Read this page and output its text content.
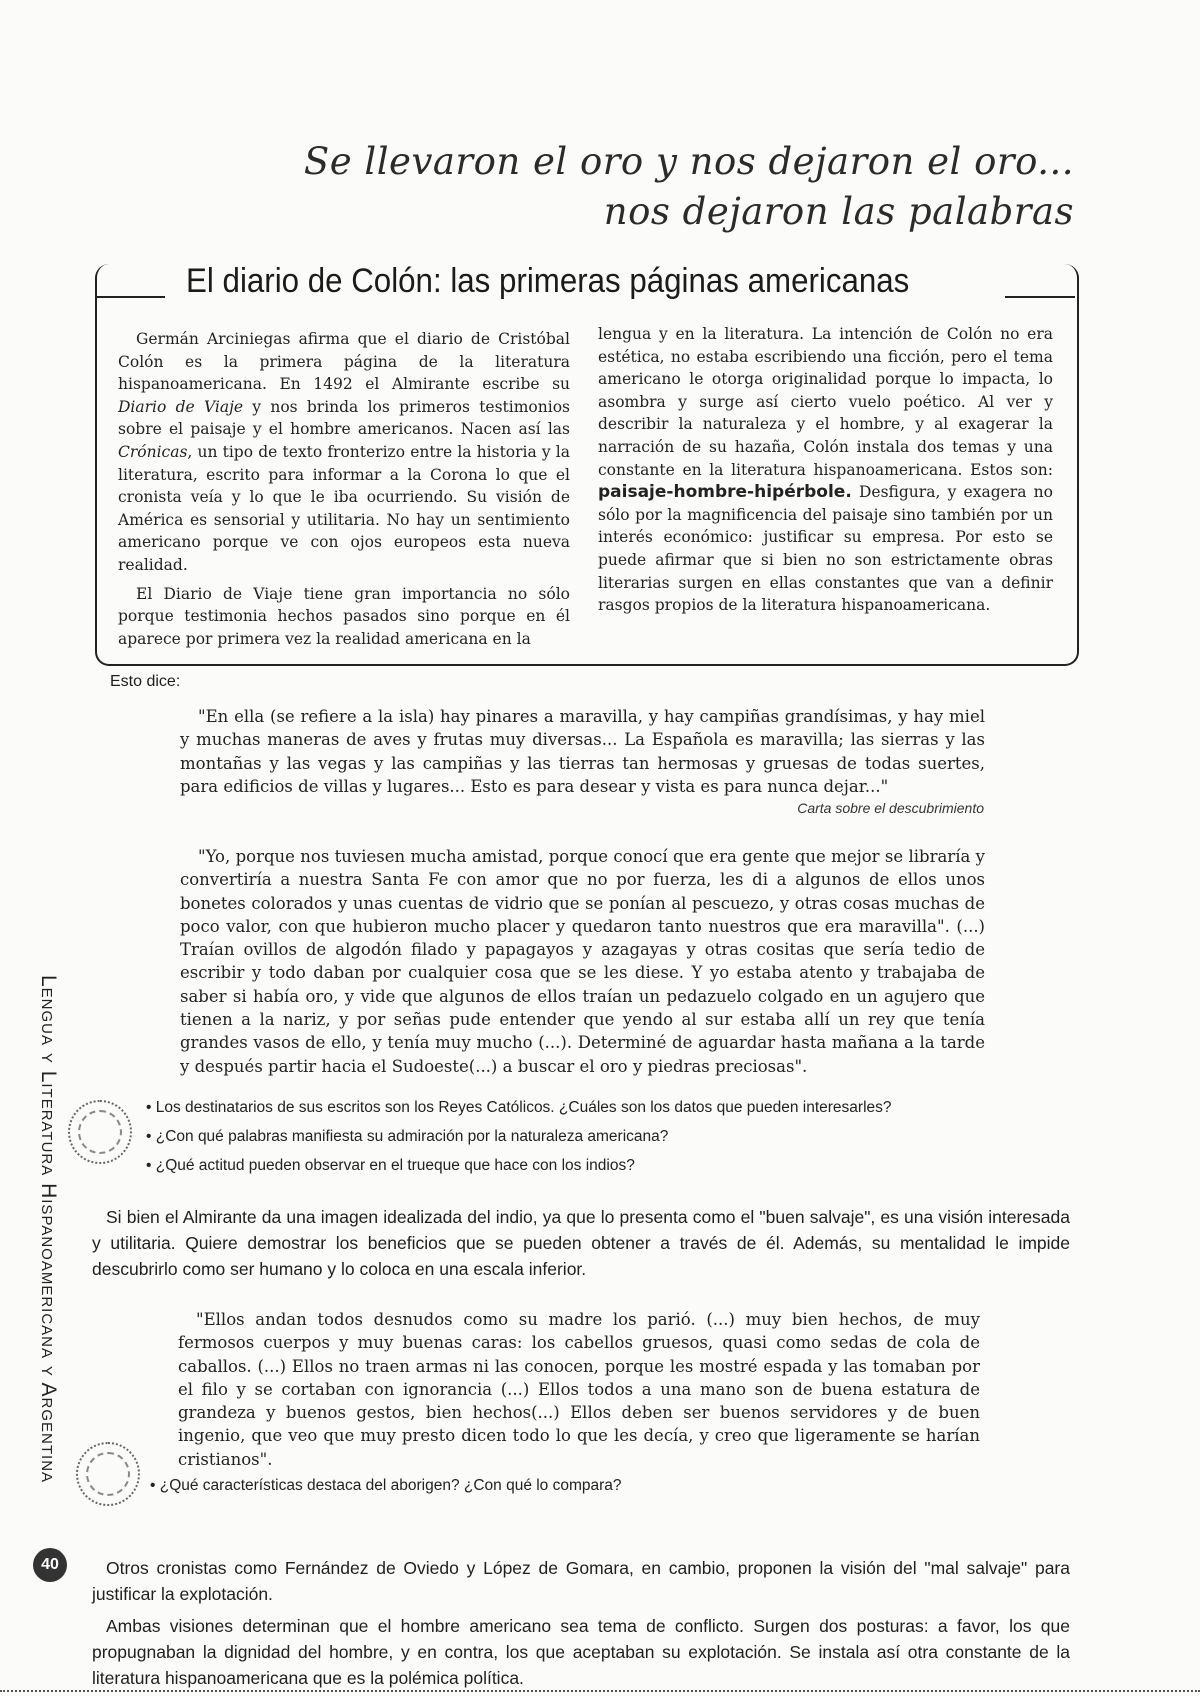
Se llevaron el oro y nos dejaron el oro...
nos dejaron las palabras
El diario de Colón: las primeras páginas americanas

Germán Arciniegas afirma que el diario de Cristóbal Colón es la primera página de la literatura hispanoamericana. En 1492 el Almirante escribe su Diario de Viaje y nos brinda los primeros testimonios sobre el paisaje y el hombre americanos. Nacen así las Crónicas, un tipo de texto fronterizo entre la historia y la literatura, escrito para informar a la Corona lo que el cronista veía y lo que le iba ocurriendo. Su visión de América es sensorial y utilitaria. No hay un sentimiento americano porque ve con ojos europeos esta nueva realidad.

El Diario de Viaje tiene gran importancia no sólo porque testimonia hechos pasados sino porque en él aparece por primera vez la realidad americana en la

lengua y en la literatura. La intención de Colón no era estética, no estaba escribiendo una ficción, pero el tema americano le otorga originalidad porque lo impacta, lo asombra y surge así cierto vuelo poético. Al ver y describir la naturaleza y el hombre, y al exagerar la narración de su hazaña, Colón instala dos temas y una constante en la literatura hispanoamericana. Estos son: paisaje-hombre-hipérbole. Desfigura, y exagera no sólo por la magnificencia del paisaje sino también por un interés económico: justificar su empresa. Por esto se puede afirmar que si bien no son estrictamente obras literarias surgen en ellas constantes que van a definir rasgos propios de la literatura hispanoamericana.

Esto dice:

"En ella (se refiere a la isla) hay pinares a maravilla, y hay campiñas grandísimas, y hay miel y muchas maneras de aves y frutas muy diversas... La Española es maravilla; las sierras y las montañas y las vegas y las campiñas y las tierras tan hermosas y gruesas de todas suertes, para edificios de villas y lugares... Esto es para desear y vista es para nunca dejar..."

Carta sobre el descubrimiento

"Yo, porque nos tuviesen mucha amistad, porque conocí que era gente que mejor se libraría y convertiría a nuestra Santa Fe con amor que no por fuerza, les di a algunos de ellos unos bonetes colorados y unas cuentas de vidrio que se ponían al pescuezo, y otras cosas muchas de poco valor, con que hubieron mucho placer y quedaron tanto nuestros que era maravilla". (...) Traían ovillos de algodón filado y papagayos y azagayas y otras cositas que sería tedio de escribir y todo daban por cualquier cosa que se les diese. Y yo estaba atento y trabajaba de saber si había oro, y vide que algunos de ellos traían un pedazuelo colgado en un agujero que tienen a la nariz, y por señas pude entender que yendo al sur estaba allí un rey que tenía grandes vasos de ello, y tenía muy mucho (...). Determiné de aguardar hasta mañana a la tarde y después partir hacia el Sudoeste(...) a buscar el oro y piedras preciosas".

• Los destinatarios de sus escritos son los Reyes Católicos. ¿Cuáles son los datos que pueden interesarles?
• ¿Con qué palabras manifiesta su admiración por la naturaleza americana?
• ¿Qué actitud pueden observar en el trueque que hace con los indios?

Si bien el Almirante da una imagen idealizada del indio, ya que lo presenta como el "buen salvaje", es una visión interesada y utilitaria. Quiere demostrar los beneficios que se pueden obtener a través de él. Además, su mentalidad le impide descubrirlo como ser humano y lo coloca en una escala inferior.

"Ellos andan todos desnudos como su madre los parió. (...) muy bien hechos, de muy fermosos cuerpos y muy buenas caras: los cabellos gruesos, quasi como sedas de cola de caballos. (...) Ellos no traen armas ni las conocen, porque les mostré espada y las tomaban por el filo y se cortaban con ignorancia (...) Ellos todos a una mano son de buena estatura de grandeza y buenos gestos, bien hechos(...) Ellos deben ser buenos servidores y de buen ingenio, que veo que muy presto dicen todo lo que les decía, y creo que ligeramente se harían cristianos".

• ¿Qué características destaca del aborigen? ¿Con qué lo compara?

Otros cronistas como Fernández de Oviedo y López de Gomara, en cambio, proponen la visión del "mal salvaje" para justificar la explotación.

Ambas visiones determinan que el hombre americano sea tema de conflicto. Surgen dos posturas: a favor, los que propugnaban la dignidad del hombre, y en contra, los que aceptaban su explotación. Se instala así otra constante de la literatura hispanoamericana que es la polémica política.

Lengua y Literatura Hispanoamericana y Argentina
40
